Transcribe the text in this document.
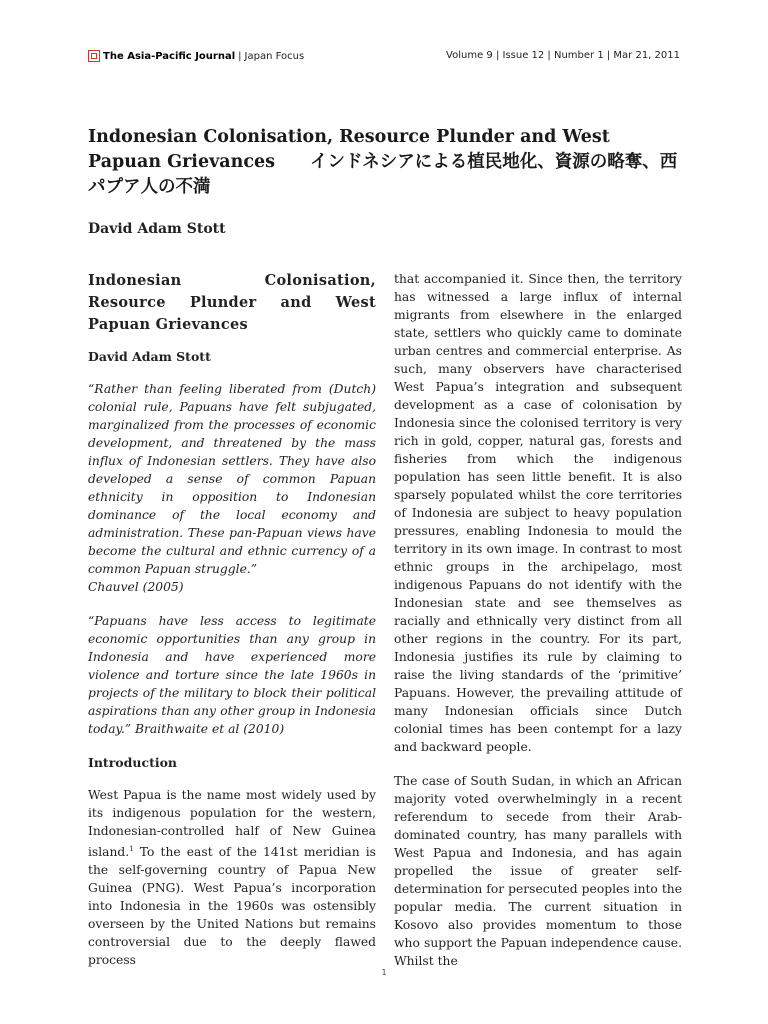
The Asia-Pacific Journal | Japan Focus	Volume 9 | Issue 12 | Number 1 | Mar 21, 2011
Indonesian Colonisation, Resource Plunder and West Papuan Grievances　　インドネシアによる植民地化、資源の略奪、西パプア人の不満
David Adam Stott
Indonesian Colonisation, Resource Plunder and West Papuan Grievances
David Adam Stott

“Rather than feeling liberated from (Dutch) colonial rule, Papuans have felt subjugated, marginalized from the processes of economic development, and threatened by the mass influx of Indonesian settlers. They have also developed a sense of common Papuan ethnicity in opposition to Indonesian dominance of the local economy and administration. These pan-Papuan views have become the cultural and ethnic currency of a common Papuan struggle.”
Chauvel (2005)

“Papuans have less access to legitimate economic opportunities than any group in Indonesia and have experienced more violence and torture since the late 1960s in projects of the military to block their political aspirations than any other group in Indonesia today.” Braithwaite et al (2010)

Introduction

West Papua is the name most widely used by its indigenous population for the western, Indonesian-controlled half of New Guinea island.$^1$ To the east of the 141st meridian is the self-governing country of Papua New Guinea (PNG). West Papua’s incorporation into Indonesia in the 1960s was ostensibly overseen by the United Nations but remains controversial due to the deeply flawed process

that accompanied it. Since then, the territory has witnessed a large influx of internal migrants from elsewhere in the enlarged state, settlers who quickly came to dominate urban centres and commercial enterprise. As such, many observers have characterised West Papua’s integration and subsequent development as a case of colonisation by Indonesia since the colonised territory is very rich in gold, copper, natural gas, forests and fisheries from which the indigenous population has seen little benefit. It is also sparsely populated whilst the core territories of Indonesia are subject to heavy population pressures, enabling Indonesia to mould the territory in its own image. In contrast to most ethnic groups in the archipelago, most indigenous Papuans do not identify with the Indonesian state and see themselves as racially and ethnically very distinct from all other regions in the country. For its part, Indonesia justifies its rule by claiming to raise the living standards of the ‘primitive’ Papuans. However, the prevailing attitude of many Indonesian officials since Dutch colonial times has been contempt for a lazy and backward people.

The case of South Sudan, in which an African majority voted overwhelmingly in a recent referendum to secede from their Arab-dominated country, has many parallels with West Papua and Indonesia, and has again propelled the issue of greater self-determination for persecuted peoples into the popular media. The current situation in Kosovo also provides momentum to those who support the Papuan independence cause. Whilst the

1
